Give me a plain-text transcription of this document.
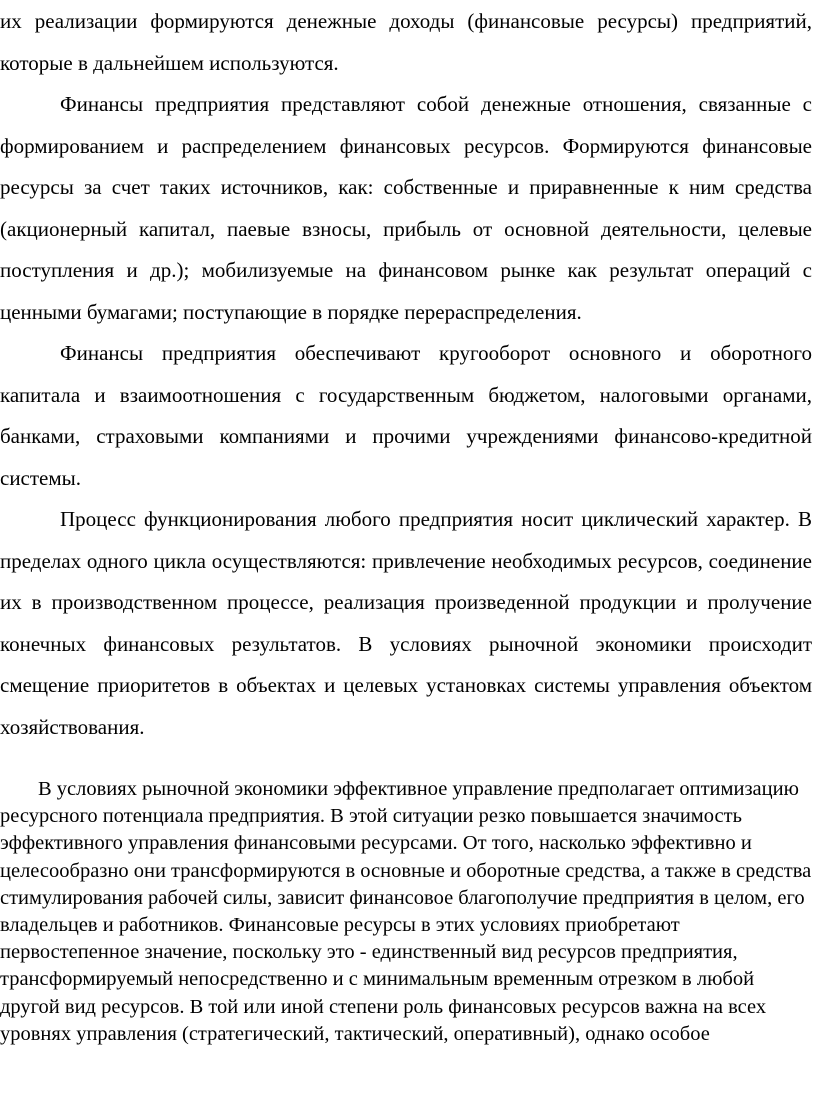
их реализации формируются денежные доходы (финансовые ресурсы) предприятий, которые в дальнейшем используются.

Финансы предприятия представляют собой денежные отношения, связанные с формированием и распределением финансовых ресурсов. Формируются финансовые ресурсы за счет таких источников, как: собственные и приравненные к ним средства (акционерный капитал, паевые взносы, прибыль от основной деятельности, целевые поступления и др.); мобилизуемые на финансовом рынке как результат операций с ценными бумагами; поступающие в порядке перераспределения.

Финансы предприятия обеспечивают кругооборот основного и оборотного капитала и взаимоотношения с государственным бюджетом, налоговыми органами, банками, страховыми компаниями и прочими учреждениями финансово-кредитной системы.

Процесс функционирования любого предприятия носит циклический характер. В пределах одного цикла осуществляются: привлечение необходимых ресурсов, соединение их в производственном процессе, реализация произведенной продукции и пролучение конечных финансовых результатов. В условиях рыночной экономики происходит смещение приоритетов в объектах и целевых установках системы управления объектом хозяйствования.

В условиях рыночной экономики эффективное управление предполагает оптимизацию ресурсного потенциала предприятия. В этой ситуации резко повышается значимость эффективного управления финансовыми ресурсами. От того, насколько эффективно и целесообразно они трансформируются в основные и оборотные средства, а также в средства стимулирования рабочей силы, зависит финансовое благополучие предприятия в целом, его владельцев и работников. Финансовые ресурсы в этих условиях приобретают первостепенное значение, поскольку это - единственный вид ресурсов предприятия, трансформируемый непосредственно и с минимальным временным отрезком в любой другой вид ресурсов. В той или иной степени роль финансовых ресурсов важна на всех уровнях управления (стратегический, тактический, оперативный), однако особое
